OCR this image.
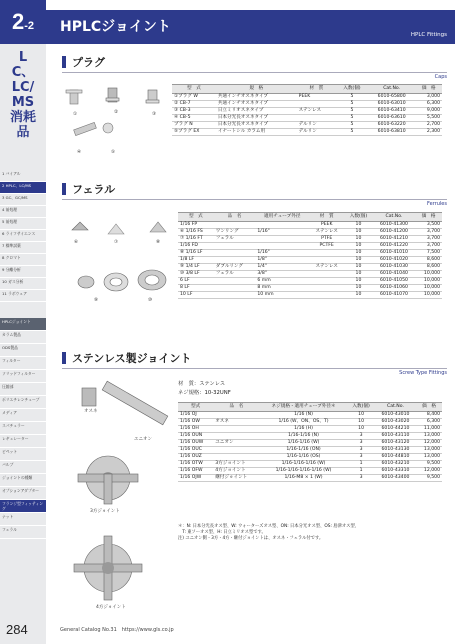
2-2
LC、LC/MS消耗品
1 バイアル
2 HPLC、LC/MS
3 GC、GC/MS
4 前処理
5 前処理
6 ライフサイエンス
7 標準試薬
8 クロマト
9 分離分析
10 ガス分析
11 ラボウェア
HPLCジョイント
カラム製品
ODS製品
フィルター
ソリッドフィルター
圧縮部
ポリエチレンチューブ
メディア
スパチュラー
レギュレーター
ピペット
バルブ
ジョイントの種類
オプションアダプター
フランジ型フィッティング
ナット
フェラル
284
HPLCジョイント	HPLC Fittings
プラグ
Caps
①	②	③
④	⑤
型　式	規　格	材　質	入数(個)	Cat.No.	価　格
①プラグ W	共通インチオスネタイプ	PEEK	5	6010-65800	3,000
② CB-7	共通インチオスネタイプ		5	6010-63010	6,300
③ CB-3	日立ミリオスネタイプ	ステンレス	5	6010-63410	9,000
④ CB-5	日本分光長オスネタイプ		5	6010-63610	5,500
プラグ N	日本分光長オスネタイプ	デルリン	5	6010-63220	2,700
⑤プラグ EX	イナートシル カラム用	デルリン	5	6010-63810	2,300
フェラル
Ferrules
⑥	⑦	⑧
⑨	⑩
型　式	品　名	適用チューブ外径	材　質	入数(個)	Cat.No.	価　格
1/16 FP			PEEK	10	6010-41300	3,500
⑥ 1/16 FS	ワンリング	1/16"	ステンレス	10	6010-41200	3,700
⑦ 1/16 FT	フェラル		PTFE	10	6010-41210	3,700
1/16 FD			PCTFE	10	6010-41220	3,700
⑧ 1/16 LF		1/16"		10	6010-41010	7,500
1/8 LF		1/8"		10	6010-41020	8,600
⑨ 1/4 LF	ダブルリング	1/4"	ステンレス	10	6010-41030	8,600
⑩ 3/8 LF	フェラル	3/8"		10	6010-41040	10,000
6 LF		6 mm		10	6010-41050	10,000
8 LF		8 mm		10	6010-41060	10,000
10 LF		10 mm		10	6010-41070	10,000
ステンレス製ジョイント
Screw Type Fittings
材　質：ステンレス
ネジ規格：10-32UNF
オスネ
ユニオン
3方ジョイント
4方ジョイント
型式	品　名	ネジ規格・適用チューブ外径＊	入数(個)	Cat.No.	価　格
1/16 OJ		1/16 (N)	10	6010-43010	8,400
1/16 OW	オスネ	1/16 (W、ON、OS、T)	10	6010-43020	6,300
1/16 OH		1/16 (H)	10	6010-44210	11,000
1/16 OUN		1/16-1/16 (N)	3	6010-43110	13,000
1/16 OUW	ユニオン	1/16-1/16 (W)	3	6010-43120	12,000
1/16 OUC		1/16-1/16 (ON)	3	6010-43130	13,000
1/16 OUZ		1/16-1/16 (OS)	3	6010-44810	13,000
1/16 OTW	3方ジョイント	1/16-1/16-1/16 (W)	1	6010-43210	9,500
1/16 OFW	4方ジョイント	1/16-1/16-1/16-1/16 (W)	1	6010-43310	12,000
1/16 OJW	継付ジョイント	1/16-M8 × 1 (W)	3	6010-43400	9,500
＊：N: 日本分光長オス型、W: ウォーターズオス型、ON: 日本分光オス型、OS: 島津オス型、
　T: 東ソーオス型、H: 日立ミリオス型です。
注) ユニオン側・3方・4方・継付ジョイントは、オスネ・フェラル付です。
General Catalog No.31　https://www.gls.co.jp
